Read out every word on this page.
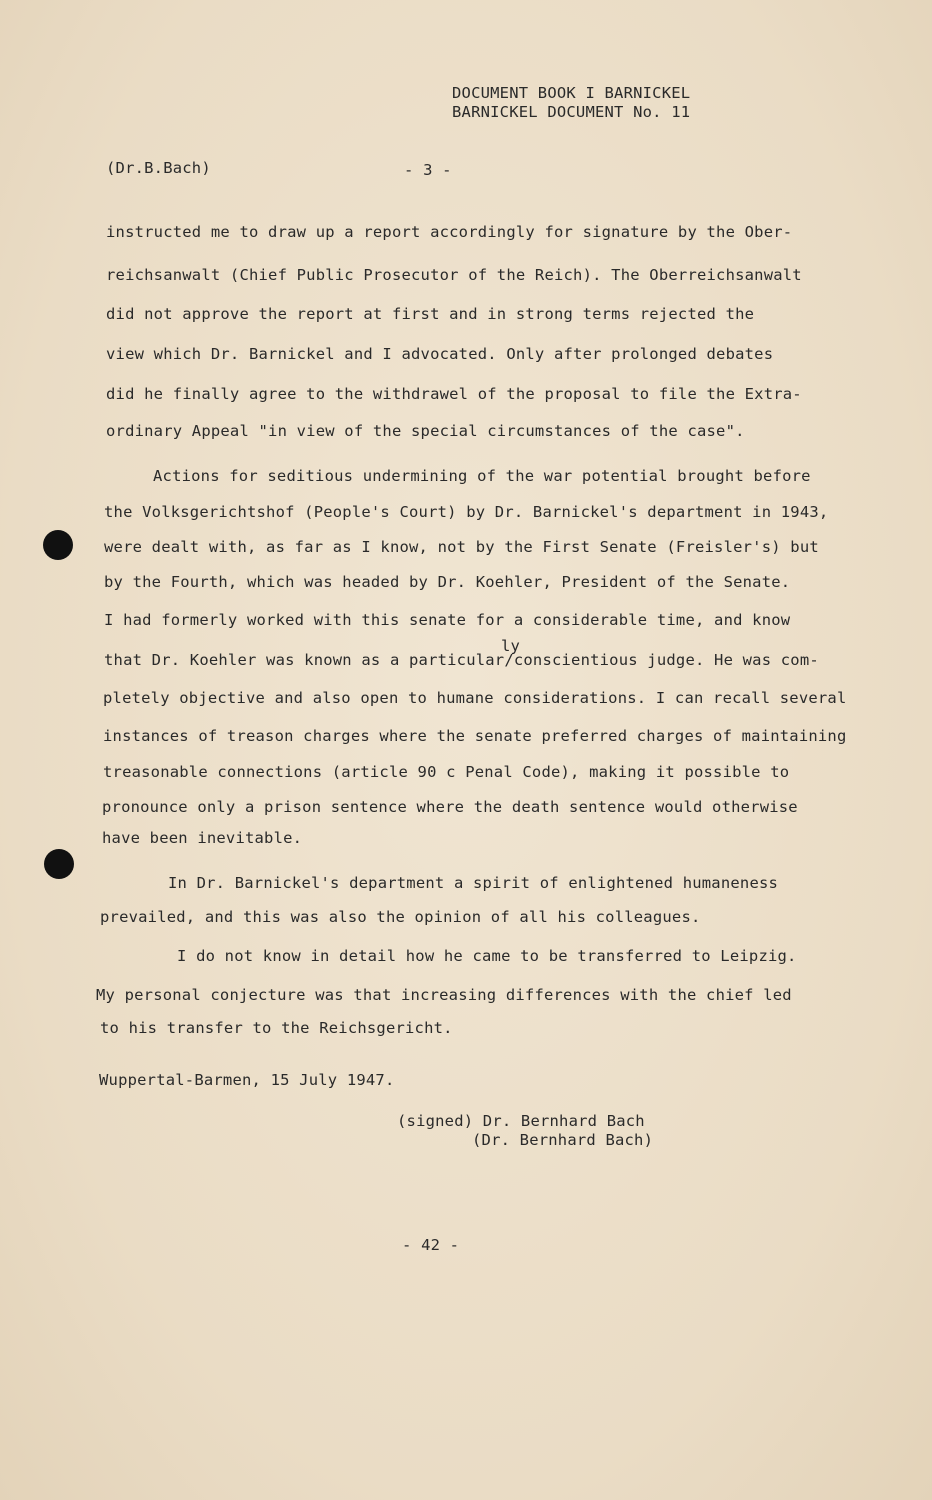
DOCUMENT BOOK I BARNICKEL
BARNICKEL DOCUMENT No. 11
(Dr.B.Bach)	- 3 -
instructed me to draw up a report accordingly for signature by the Ober-
reichsanwalt (Chief Public Prosecutor of the Reich). The Oberreichsanwalt
did not approve the report at first and in strong terms rejected the
view which Dr. Barnickel and I advocated. Only after prolonged debates
did he finally agree to the withdrawel of the proposal to file the Extra-
ordinary Appeal "in view of the special circumstances of the case".
Actions for seditious undermining of the war potential brought before
the Volksgerichtshof (People's Court) by Dr. Barnickel's department in 1943,
were dealt with, as far as I know, not by the First Senate (Freisler's) but
by the Fourth, which was headed by Dr. Koehler, President of the Senate.
I had formerly worked with this senate for a considerable time, and know
ly
that Dr. Koehler was known as a particular/conscientious judge. He was com-
pletely objective and also open to humane considerations. I can recall several
instances of treason charges where the senate preferred charges of maintaining
treasonable connections (article 90 c Penal Code), making it possible to
pronounce only a prison sentence where the death sentence would otherwise
have been inevitable.
In Dr. Barnickel's department a spirit of enlightened humaneness
prevailed, and this was also the opinion of all his colleagues.
I do not know in detail how he came to be transferred to Leipzig.
My personal conjecture was that increasing differences with the chief led
to his transfer to the Reichsgericht.
Wuppertal-Barmen, 15 July 1947.
(signed) Dr. Bernhard Bach
(Dr. Bernhard Bach)
- 42 -
